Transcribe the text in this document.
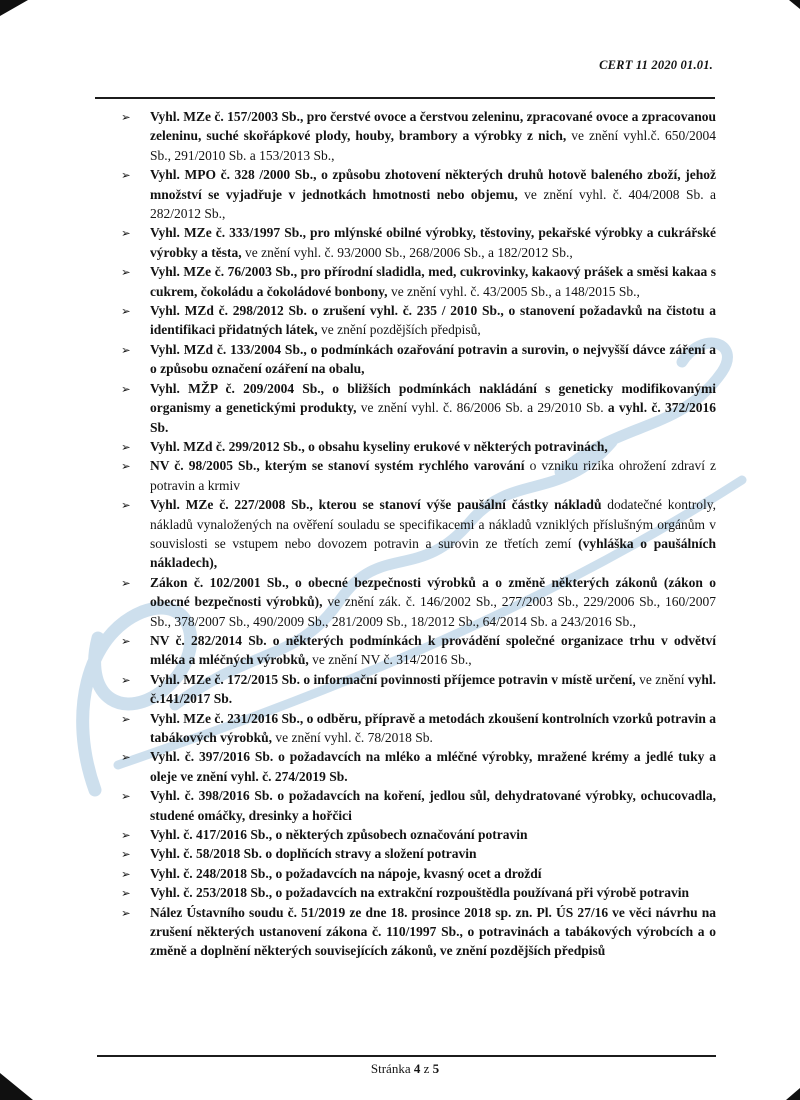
CERT 11 2020 01.01.
➢ Vyhl. MZe č. 157/2003 Sb., pro čerstvé ovoce a čerstvou zeleninu, zpracované ovoce a zpracovanou zeleninu, suché skořápkové plody, houby, brambory a výrobky z nich, ve znění vyhl.č. 650/2004 Sb., 291/2010 Sb. a 153/2013 Sb.,
➢ Vyhl. MPO č. 328 /2000 Sb., o způsobu zhotovení některých druhů hotově baleného zboží, jehož množství se vyjadřuje v jednotkách hmotnosti nebo objemu, ve znění vyhl. č. 404/2008 Sb. a 282/2012 Sb.,
➢ Vyhl. MZe č. 333/1997 Sb., pro mlýnské obilné výrobky, těstoviny, pekařské výrobky a cukrářské výrobky a těsta, ve znění vyhl. č. 93/2000 Sb., 268/2006 Sb., a 182/2012 Sb.,
➢ Vyhl. MZe č. 76/2003 Sb., pro přírodní sladidla, med, cukrovinky, kakaový prášek a směsi kakaa s cukrem, čokoládu a čokoládové bonbony, ve znění vyhl. č. 43/2005 Sb., a 148/2015 Sb.,
➢ Vyhl. MZd č. 298/2012 Sb. o zrušení vyhl. č. 235 / 2010 Sb., o stanovení požadavků na čistotu a identifikaci přidatných látek, ve znění pozdějších předpisů,
➢ Vyhl. MZd č. 133/2004 Sb., o podmínkách ozařování potravin a surovin, o nejvyšší dávce záření a o způsobu označení ozáření na obalu,
➢ Vyhl. MŽP č. 209/2004 Sb., o bližších podmínkách nakládání s geneticky modifikovanými organismy a genetickými produkty, ve znění vyhl. č. 86/2006 Sb. a 29/2010 Sb. a vyhl. č. 372/2016 Sb.
➢ Vyhl. MZd č. 299/2012 Sb., o obsahu kyseliny erukové v některých potravinách,
➢ NV č. 98/2005 Sb., kterým se stanoví systém rychlého varování o vzniku rizika ohrožení zdraví z potravin a krmiv
➢ Vyhl. MZe č. 227/2008 Sb., kterou se stanoví výše paušální částky nákladů dodatečné kontroly, nákladů vynaložených na ověření souladu se specifikacemi a nákladů vzniklých příslušným orgánům v souvislosti se vstupem nebo dovozem potravin a surovin ze třetích zemí (vyhláška o paušálních nákladech),
➢ Zákon č. 102/2001 Sb., o obecné bezpečnosti výrobků a o změně některých zákonů (zákon o obecné bezpečnosti výrobků), ve znění zák. č. 146/2002 Sb., 277/2003 Sb., 229/2006 Sb., 160/2007 Sb., 378/2007 Sb., 490/2009 Sb., 281/2009 Sb., 18/2012 Sb., 64/2014 Sb. a 243/2016 Sb.,
➢ NV č. 282/2014 Sb. o některých podmínkách k provádění společné organizace trhu v odvětví mléka a mléčných výrobků, ve znění NV č. 314/2016 Sb.,
➢ Vyhl. MZe č. 172/2015 Sb. o informační povinnosti příjemce potravin v místě určení, ve znění vyhl. č.141/2017 Sb.
➢ Vyhl. MZe č. 231/2016 Sb., o odběru, přípravě a metodách zkoušení kontrolních vzorků potravin a tabákových výrobků, ve znění vyhl. č. 78/2018 Sb.
➢ Vyhl. č. 397/2016 Sb. o požadavcích na mléko a mléčné výrobky, mražené krémy a jedlé tuky a oleje ve znění vyhl. č. 274/2019 Sb.
➢ Vyhl. č. 398/2016 Sb. o požadavcích na koření, jedlou sůl, dehydratované výrobky, ochucovadla, studené omáčky, dresinky a hořčici
➢ Vyhl. č. 417/2016 Sb., o některých způsobech označování potravin
➢ Vyhl. č. 58/2018 Sb. o doplňcích stravy a složení potravin
➢ Vyhl. č. 248/2018 Sb., o požadavcích na nápoje, kvasný ocet a droždí
➢ Vyhl. č. 253/2018 Sb., o požadavcích na extrakční rozpouštědla používaná při výrobě potravin
➢ Nález Ústavního soudu č. 51/2019 ze dne 18. prosince 2018 sp. zn. Pl. ÚS 27/16 ve věci návrhu na zrušení některých ustanovení zákona č. 110/1997 Sb., o potravinách a tabákových výrobcích a o změně a doplnění některých souvisejících zákonů, ve znění pozdějších předpisů
Stránka 4 z 5
